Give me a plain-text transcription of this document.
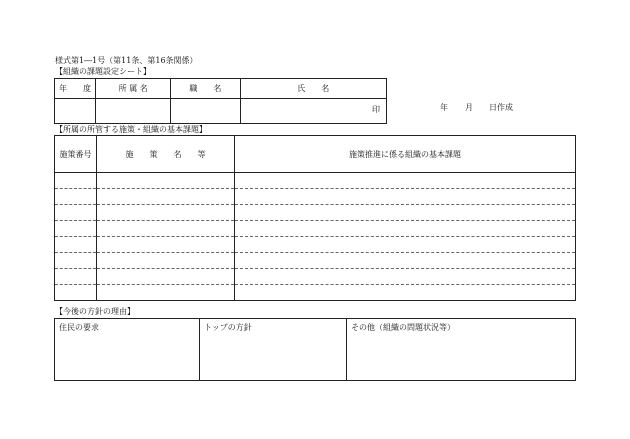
様式第1―1号（第11条、第16条関係）
【組織の課題設定シート】
年　　度	所 属 名	職　　名	氏　　名

			印	年 月 日作成
【所属の所管する施策・組織の基本課題】
施策番号	施　　策　　名　　等	施策推進に係る組織の基本課題

【今後の方針の理由】
住民の要求	トップの方針	その他（組織の問題状況等）
